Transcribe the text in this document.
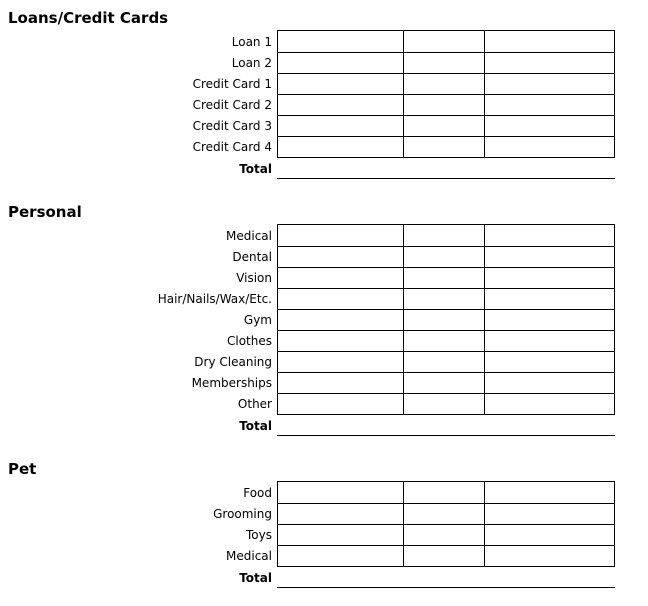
Loans/Credit Cards
Loan 1
Loan 2
Credit Card 1
Credit Card 2
Credit Card 3
Credit Card 4
Total
Personal
Medical
Dental
Vision
Hair/Nails/Wax/Etc.
Gym
Clothes
Dry Cleaning
Memberships
Other
Total
Pet
Food
Grooming
Toys
Medical
Total
